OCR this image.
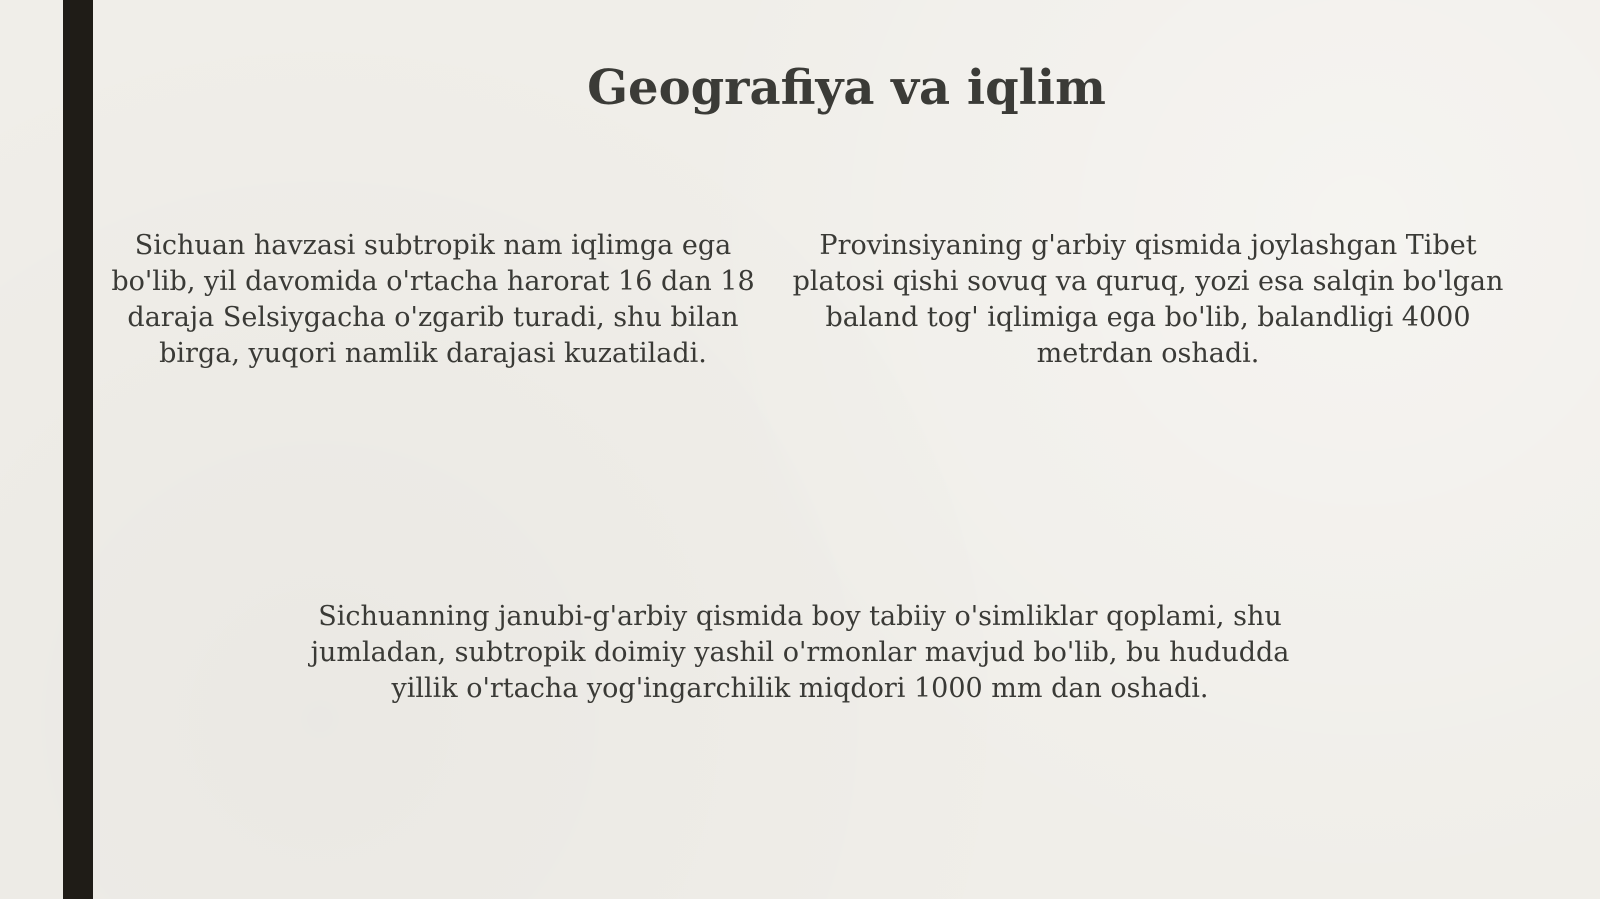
Geografiya va iqlim

Sichuan havzasi subtropik nam iqlimga ega bo'lib, yil davomida o'rtacha harorat 16 dan 18 daraja Selsiygacha o'zgarib turadi, shu bilan birga, yuqori namlik darajasi kuzatiladi.

Provinsiyaning g'arbiy qismida joylashgan Tibet platosi qishi sovuq va quruq, yozi esa salqin bo'lgan baland tog' iqlimiga ega bo'lib, balandligi 4000 metrdan oshadi.

Sichuanning janubi-g'arbiy qismida boy tabiiy o'simliklar qoplami, shu jumladan, subtropik doimiy yashil o'rmonlar mavjud bo'lib, bu hududda yillik o'rtacha yog'ingarchilik miqdori 1000 mm dan oshadi.
